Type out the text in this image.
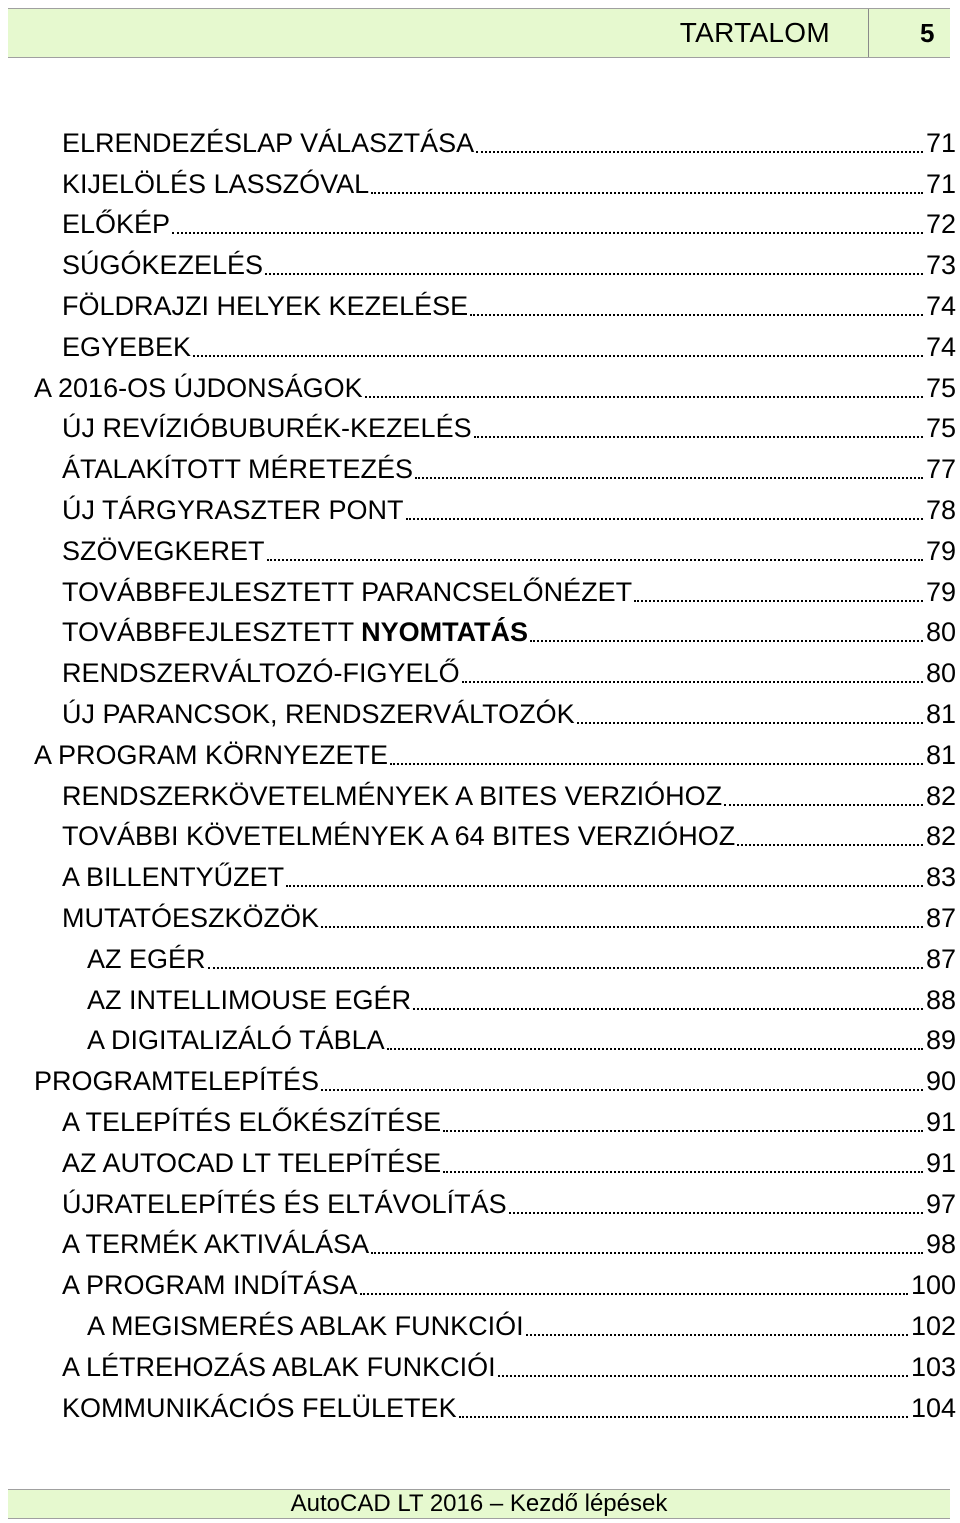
TARTALOM	5
ELRENDEZÉSLAP VÁLASZTÁSA	71
KIJELÖLÉS LASSZÓVAL	71
ELŐKÉP	72
SÚGÓKEZELÉS	73
FÖLDRAJZI HELYEK KEZELÉSE	74
EGYEBEK	74
A 2016-OS ÚJDONSÁGOK	75
ÚJ REVÍZIÓBUBURÉK-KEZELÉS	75
ÁTALAKÍTOTT MÉRETEZÉS	77
ÚJ TÁRGYRASZTER PONT	78
SZÖVEGKERET	79
TOVÁBBFEJLESZTETT PARANCSELŐNÉZET	79
TOVÁBBFEJLESZTETT NYOMTATÁS	80
RENDSZERVÁLTOZÓ-FIGYELŐ	80
ÚJ PARANCSOK, RENDSZERVÁLTOZÓK	81
A PROGRAM KÖRNYEZETE	81
RENDSZERKÖVETELMÉNYEK A BITES VERZIÓHOZ	82
TOVÁBBI KÖVETELMÉNYEK A 64 BITES VERZIÓHOZ	82
A BILLENTYŰZET	83
MUTATÓESZKÖZÖK	87
AZ EGÉR	87
AZ INTELLIMOUSE EGÉR	88
A DIGITALIZÁLÓ TÁBLA	89
PROGRAMTELEPÍTÉS	90
A TELEPÍTÉS ELŐKÉSZÍTÉSE	91
AZ AUTOCAD LT TELEPÍTÉSE	91
ÚJRATELEPÍTÉS ÉS ELTÁVOLÍTÁS	97
A TERMÉK AKTIVÁLÁSA	98
A PROGRAM INDÍTÁSA	100
A MEGISMERÉS ABLAK FUNKCIÓI	102
A LÉTREHOZÁS ABLAK FUNKCIÓI	103
KOMMUNIKÁCIÓS FELÜLETEK	104
AutoCAD LT 2016 – Kezdő lépések
